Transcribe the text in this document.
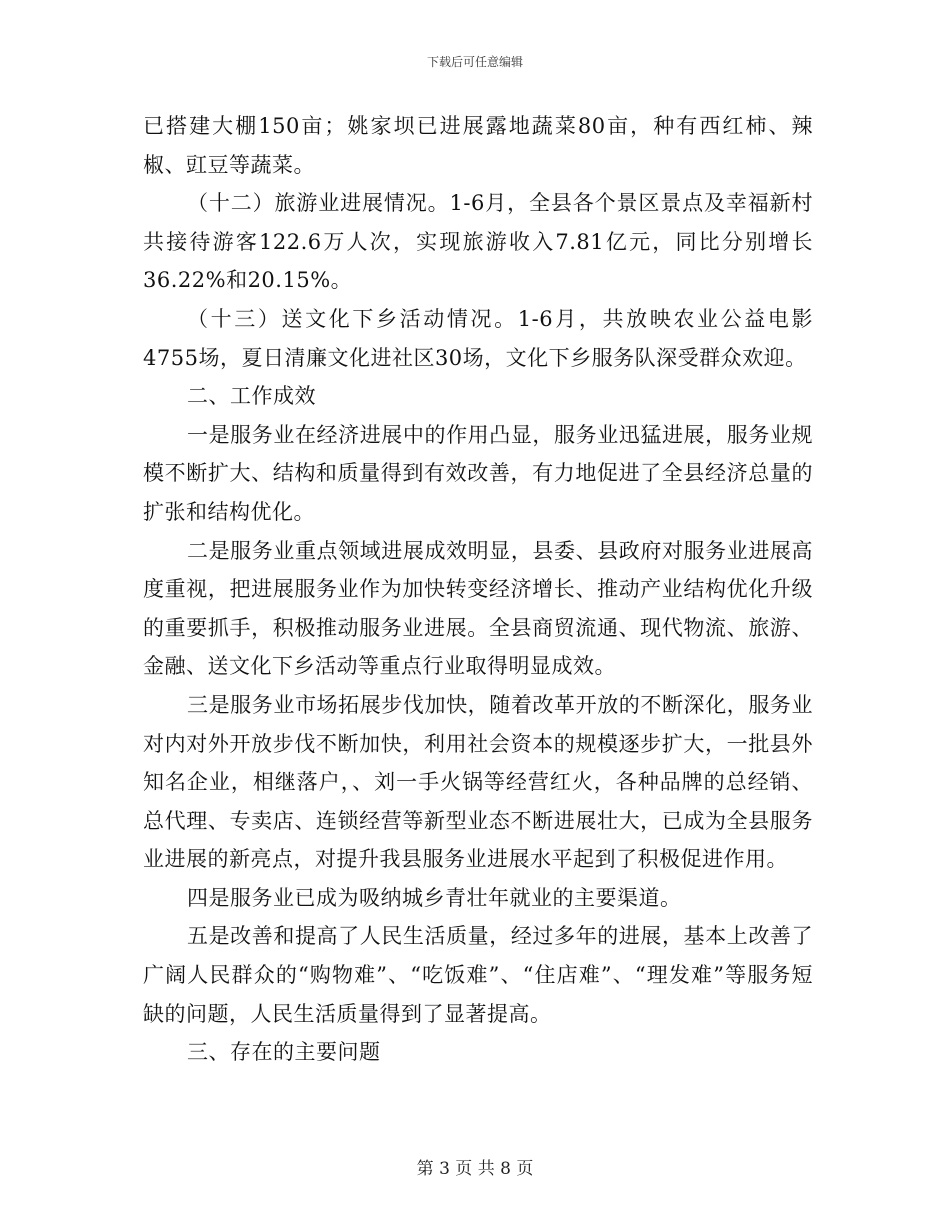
下载后可任意编辑

已搭建大棚150亩；姚家坝已进展露地蔬菜80亩，种有西红柿、辣椒、豇豆等蔬菜。

（十二）旅游业进展情况。1-6月，全县各个景区景点及幸福新村共接待游客122.6万人次，实现旅游收入7.81亿元，同比分别增长36.22%和20.15%。

（十三）送文化下乡活动情况。1-6月，共放映农业公益电影4755场，夏日清廉文化进社区30场，文化下乡服务队深受群众欢迎。

二、工作成效

一是服务业在经济进展中的作用凸显，服务业迅猛进展，服务业规模不断扩大、结构和质量得到有效改善，有力地促进了全县经济总量的扩张和结构优化。

二是服务业重点领域进展成效明显，县委、县政府对服务业进展高度重视，把进展服务业作为加快转变经济增长、推动产业结构优化升级的重要抓手，积极推动服务业进展。全县商贸流通、现代物流、旅游、金融、送文化下乡活动等重点行业取得明显成效。

三是服务业市场拓展步伐加快，随着改革开放的不断深化，服务业对内对外开放步伐不断加快，利用社会资本的规模逐步扩大，一批县外知名企业，相继落户，、刘一手火锅等经营红火，各种品牌的总经销、总代理、专卖店、连锁经营等新型业态不断进展壮大，已成为全县服务业进展的新亮点，对提升我县服务业进展水平起到了积极促进作用。

四是服务业已成为吸纳城乡青壮年就业的主要渠道。

五是改善和提高了人民生活质量，经过多年的进展，基本上改善了广阔人民群众的“购物难”、“吃饭难”、“住店难”、“理发难”等服务短缺的问题，人民生活质量得到了显著提高。

三、存在的主要问题

第 3 页 共 8 页
